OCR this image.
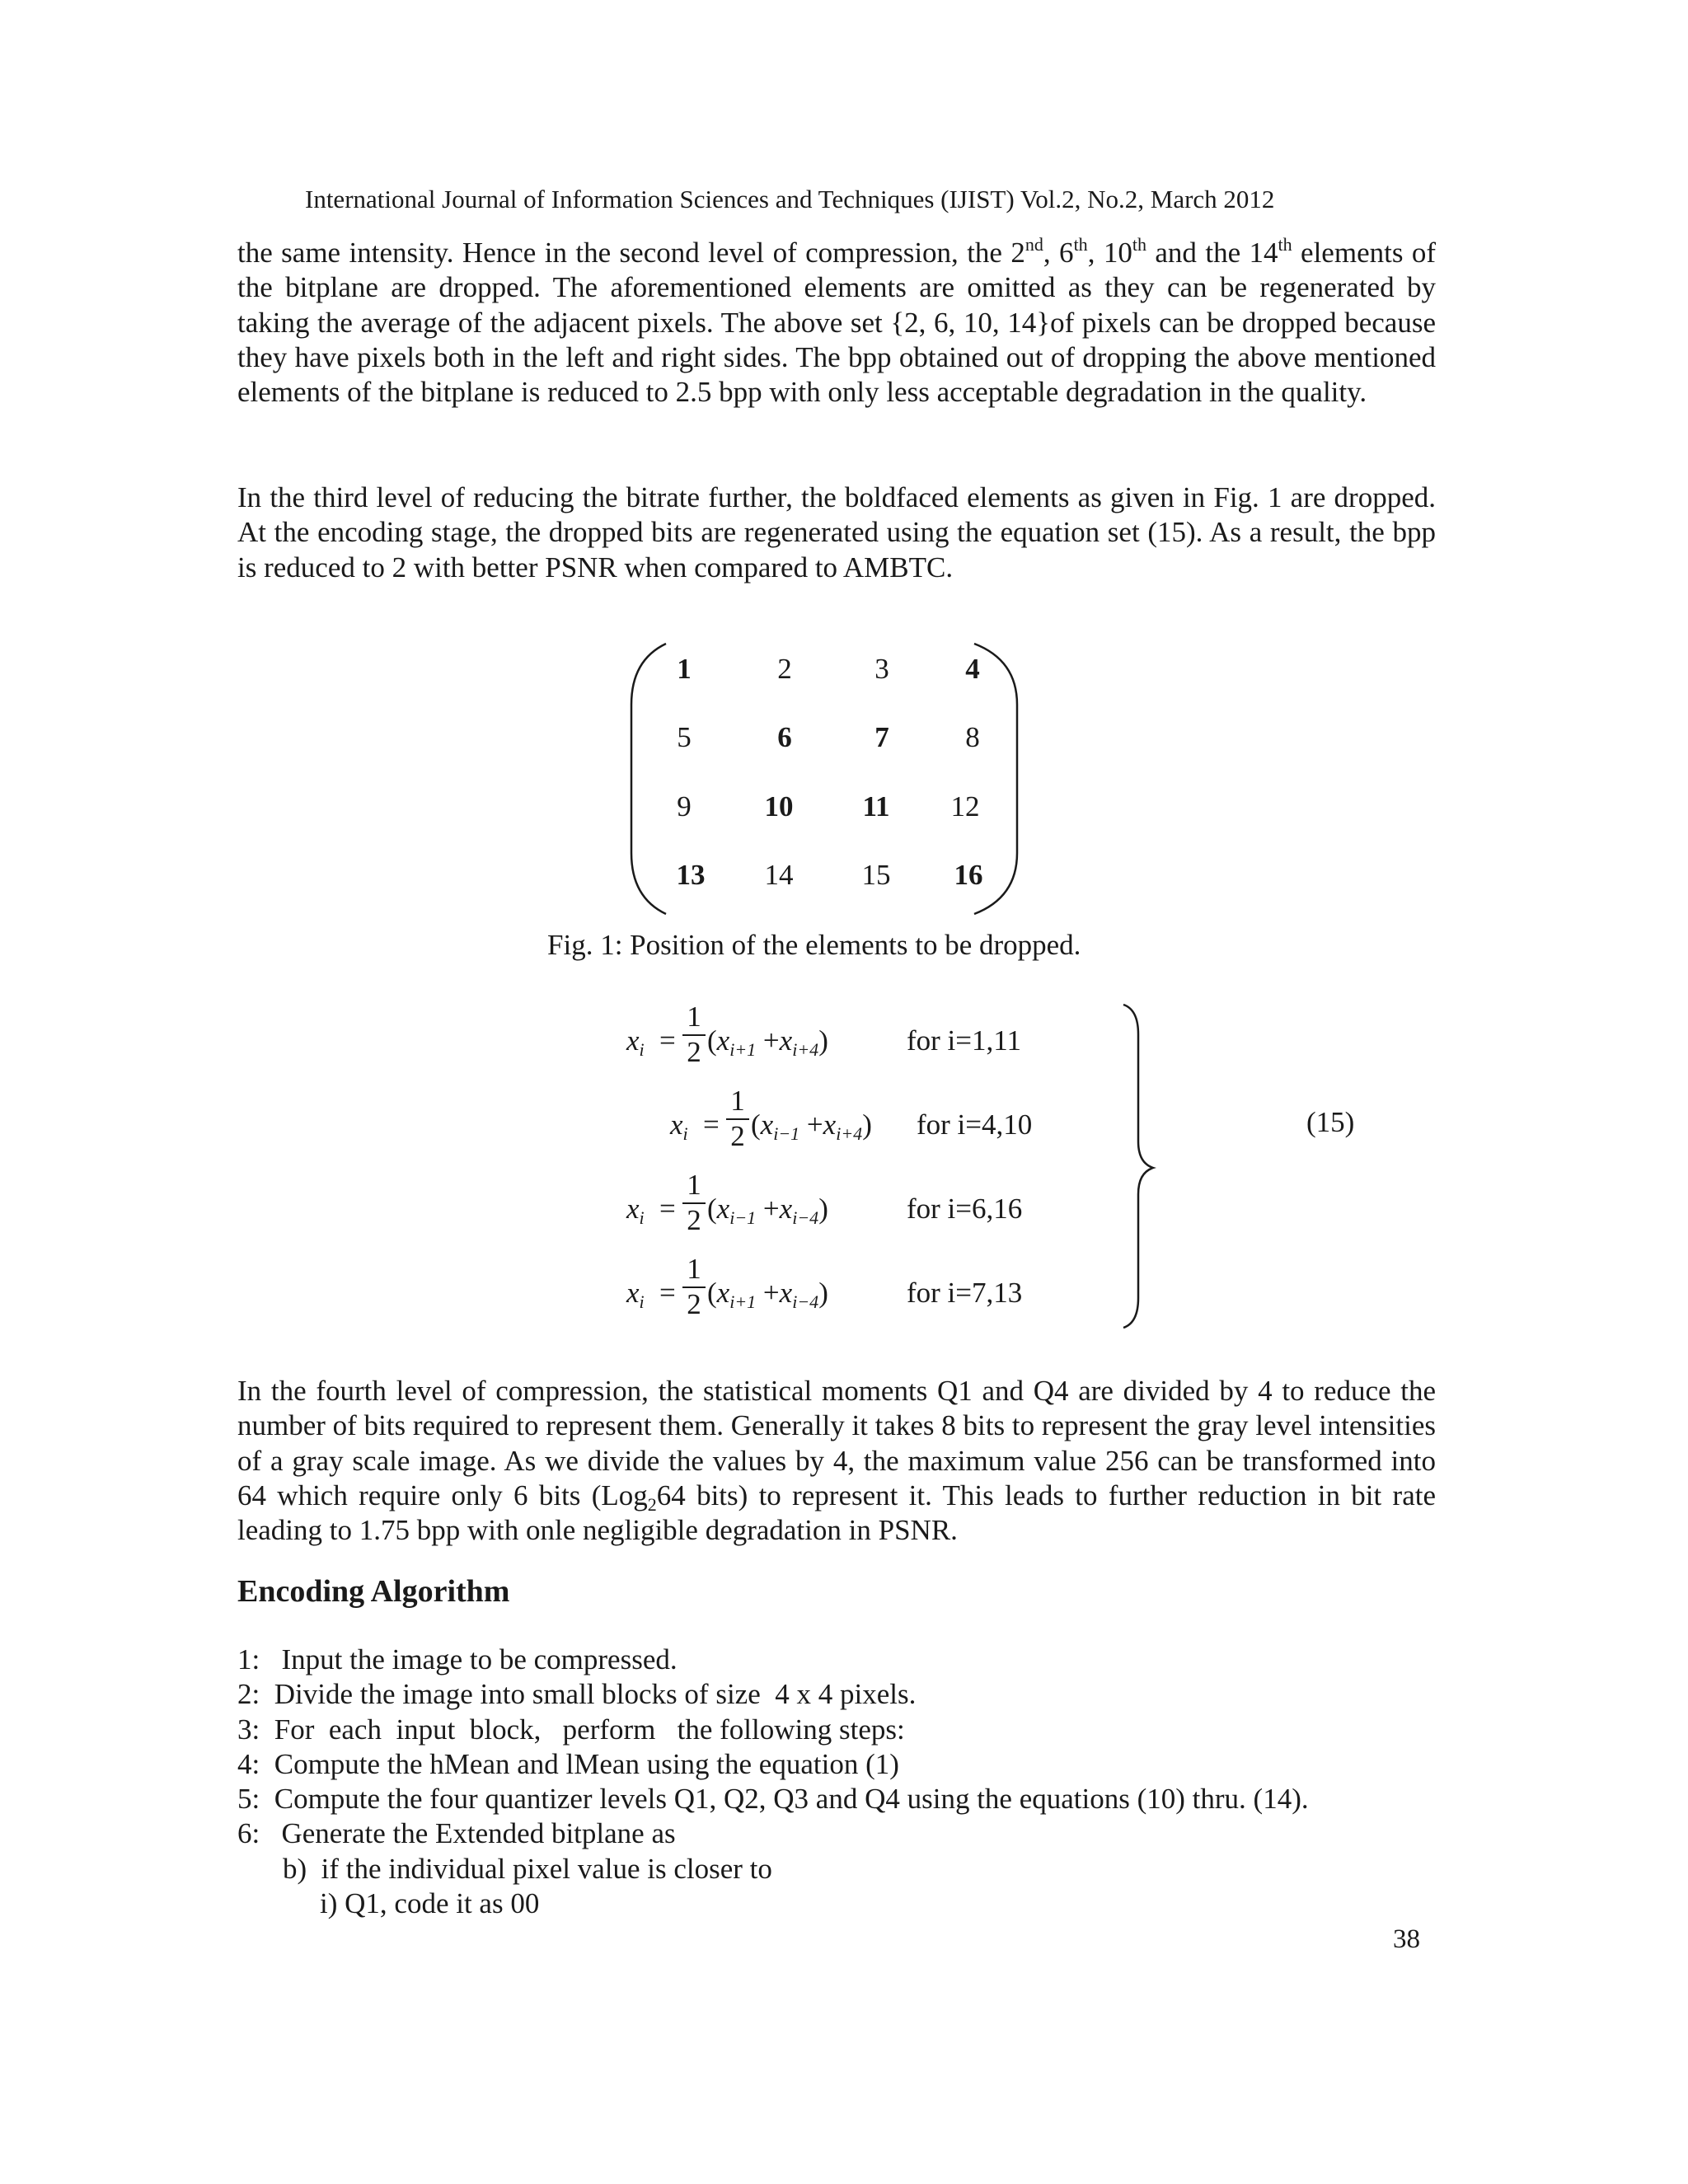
International Journal of Information Sciences and Techniques (IJIST) Vol.2, No.2, March 2012

the same intensity. Hence in the second level of compression, the 2nd, 6th, 10th and the 14th elements of the bitplane are dropped. The aforementioned elements are omitted as they can be regenerated by taking the average of the adjacent pixels. The above set {2, 6, 10, 14}of pixels can be dropped because they have pixels both in the left and right sides. The bpp obtained out of dropping the above mentioned elements of the bitplane is reduced to 2.5 bpp with only less acceptable degradation in the quality.

In the third level of reducing the bitrate further, the boldfaced elements as given in Fig. 1 are dropped. At the encoding stage, the dropped bits are regenerated using the equation set (15). As a result, the bpp is reduced to 2 with better PSNR when compared to AMBTC.

1	2	3	4
5	6	7	8
9	10	11	12
13	14	15	16
Fig. 1: Position of the elements to be dropped.
$x_i$ =
1
2 $(x_{i+1} +x_{i+4})$	for i=1,11
$x_i$ =
1
2 $(x_{i-1} +x_{i+4})$ for i=4,10
$x_i$ =
1
2 $(x_{i-1} +x_{i-4})$	for i=6,16
$x_i$ =
1
2 $(x_{i+1} +x_{i-4})$	for i=7,13
(15)

In the fourth level of compression, the statistical moments Q1 and Q4 are divided by 4 to reduce the number of bits required to represent them. Generally it takes 8 bits to represent the gray level intensities of a gray scale image. As we divide the values by 4, the maximum value 256 can be transformed into 64 which require only 6 bits (Log$_2$64 bits) to represent it. This leads to further reduction in bit rate leading to 1.75 bpp with onle negligible degradation in PSNR.

Encoding Algorithm
1:   Input the image to be compressed.
2:  Divide the image into small blocks of size  4 x 4 pixels.
3:  For  each  input  block,   perform   the following steps:
4:  Compute the hMean and lMean using the equation (1)
5:  Compute the four quantizer levels Q1, Q2, Q3 and Q4 using the equations (10) thru. (14).
6:   Generate the Extended bitplane as
b)  if the individual pixel value is closer to
i) Q1, code it as 00
38
